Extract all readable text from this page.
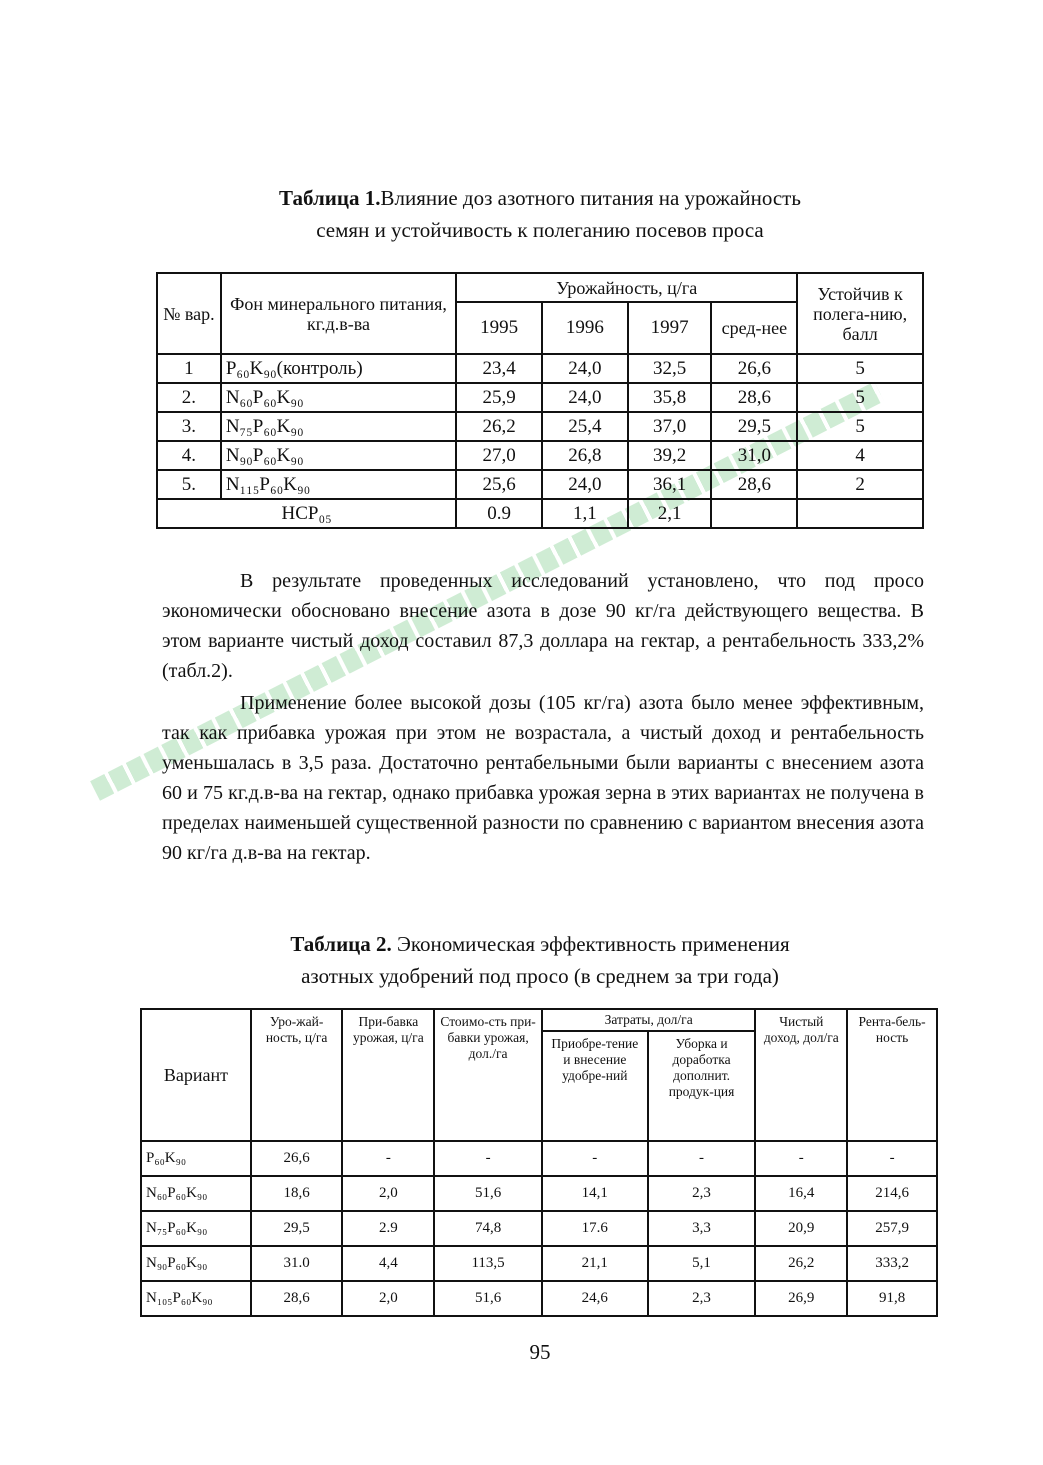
Таблица 1.Влияние доз азотного питания на урожайность
семян и устойчивость к полеганию посевов проса
№ вар.	Фон минерального питания, кг.д.в-ва	Урожайность, ц/га				Устойчив к полега-нию, балл
		1995	1996	1997	сред-нее	
1	P₆₀K₉₀(контроль)	23,4	24,0	32,5	26,6	5
2.	N₆₀P₆₀K₉₀	25,9	24,0	35,8	28,6	5
3.	N₇₅P₆₀K₉₀	26,2	25,4	37,0	29,5	5
4.	N₉₀P₆₀K₉₀	27,0	26,8	39,2	31,0	4
5.	N₁₁₅P₆₀K₉₀	25,6	24,0	36,1	28,6	2
НСР₀₅		0.9	1,1	2,1		
В результате проведенных исследований установлено, что под просо экономически обосновано внесение азота в дозе 90 кг/га действующего вещества. В этом варианте чистый доход составил 87,3 доллара на гектар, а рентабельность 333,2% (табл.2).
Применение более высокой дозы (105 кг/га) азота было менее эффективным, так как прибавка урожая при этом не возрастала, а чистый доход и рентабельность уменьшалась в 3,5 раза. Достаточно рентабельными были варианты с внесением азота 60 и 75 кг.д.в-ва на гектар, однако прибавка урожая зерна в этих вариантах не получена в пределах наименьшей существенной разности по сравнению с вариантом внесения азота 90 кг/га д.в-ва на гектар.
Таблица 2. Экономическая эффективность применения
азотных удобрений под просо (в среднем за три года)
Вариант	Уро-жай-ность, ц/га	При-бавка урожая, ц/га	Стоимо-сть при-бавки урожая, дол./га	Затраты, дол/га		Чистый доход, дол/га	Рента-бель-ность
				Приобре-тение и внесение удобре-ний	Уборка и доработка дополнит. продук-ция		
P₆₀K₉₀	26,6	-	-	-	-	-	-
N₆₀P₆₀K₉₀	18,6	2,0	51,6	14,1	2,3	16,4	214,6
N₇₅P₆₀K₉₀	29,5	2.9	74,8	17.6	3,3	20,9	257,9
N₉₀P₆₀K₉₀	31.0	4,4	113,5	21,1	5,1	26,2	333,2
N₁₀₅P₆₀K₉₀	28,6	2,0	51,6	24,6	2,3	26,9	91,8
95
